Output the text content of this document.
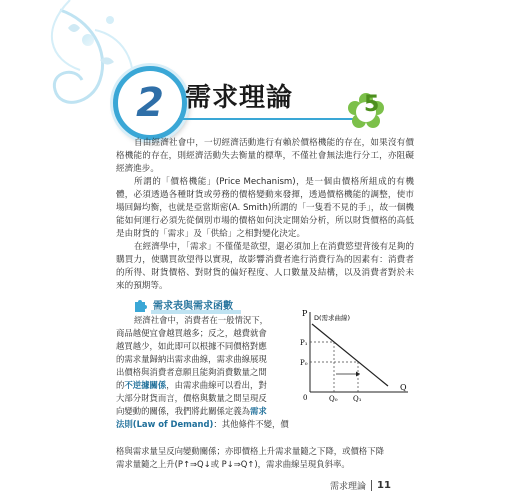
2 需求理論	5

自由經濟社會中，一切經濟活動進行有賴於價格機能的存在，如果沒有價格機能的存在，則經濟活動失去衡量的標準，不僅社會無法進行分工，亦阻礙經濟進步。

所謂的「價格機能」(Price Mechanism)，是一個由價格所組成的有機體，必須透過各種財貨或勞務的價格變動來發揮，透過價格機能的調整，使市場回歸均衡，也就是亞當斯密(A. Smith)所謂的「一隻看不見的手」，故一個機能如何運行必須先從個別市場的價格如何決定開始分析，所以財貨價格的高低是由財貨的「需求」及「供給」之相對變化決定。

在經濟學中，「需求」不僅僅是欲望，還必須加上在消費慾望背後有足夠的購買力，使購買欲望得以實現，故影響消費者進行消費行為的因素有：消費者的所得、財貨價格、對財貨的偏好程度、人口數量及結構，以及消費者對於未來的預期等。

需求表與需求函數
經濟社會中，消費者在一般情況下，
商品越便宜會越買越多；反之，越費就會
越買越少，如此即可以根據不同價格對應
的需求量歸納出需求曲線，需求曲線展現
出價格與消費者意願且能夠消費數量之間
的不逆據關係，由需求曲線可以看出，對
大部分財貨而言，價格與數量之間呈現反
向變動的關係，我們將此關係定義為需求
法則(Law of Demand)：其他條件不變，價

格與需求量呈反向變動關係；亦即價格上升需求量隨之下降，或價格下降

需求量隨之上升(P↑⇒Q↓或 P↓⇒Q↑)，需求曲線呈現負斜率。

P
Q
D(需求曲線)
P₁
P₀
Q₀ Q₁
0
需求理論 11
